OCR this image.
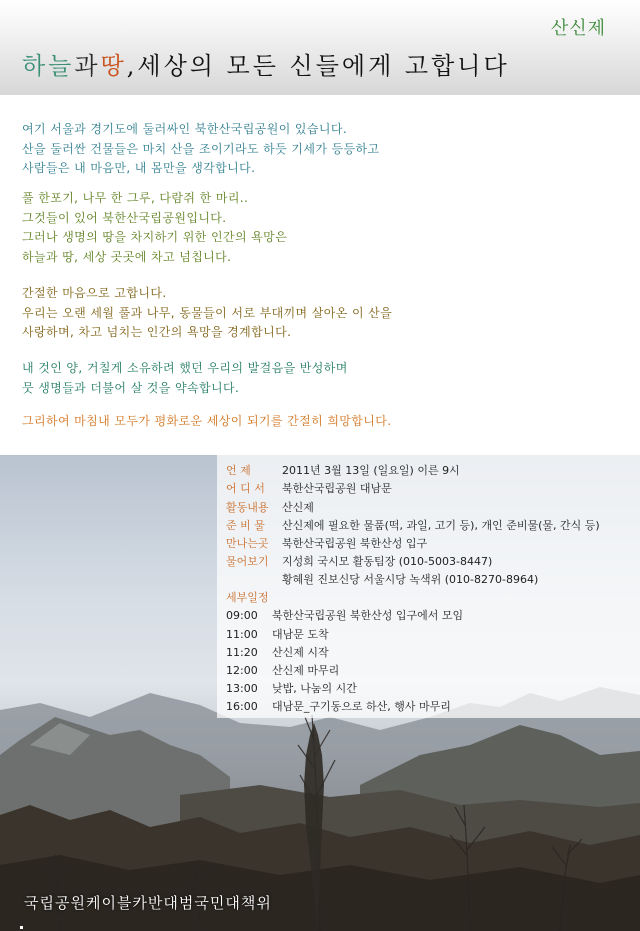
산신제
하늘과땅,세상의 모든 신들에게 고합니다
여기 서울과 경기도에 둘러싸인 북한산국립공원이 있습니다.
산을 둘러싼 건물들은 마치 산을 조이기라도 하듯 기세가 등등하고
사람들은 내 마음만, 내 몸만을 생각합니다.
풀 한포기, 나무 한 그루, 다람쥐 한 마리..
그것들이 있어 북한산국립공원입니다.
그러나 생명의 땅을 차지하기 위한 인간의 욕망은
하늘과 땅, 세상 곳곳에 차고 넘칩니다.
간절한 마음으로 고합니다.
우리는 오랜 세월 풀과 나무, 동물들이 서로 부대끼며 살아온 이 산을
사랑하며, 차고 넘치는 인간의 욕망을 경계합니다.
내 것인 양, 거칠게 소유하려 했던 우리의 발걸음을 반성하며
뭇 생명들과 더불어 살 것을 약속합니다.
그리하여 마침내 모두가 평화로운 세상이 되기를 간절히 희망합니다.
언 제	2011년 3월 13일 (일요일) 이른 9시
어 디 서 북한산국립공원 대남문
활동내용 산신제
준 비 물 산신제에 필요한 물품(떡, 과일, 고기 등), 개인 준비물(물, 간식 등)
만나는곳 북한산국립공원 북한산성 입구
물어보기 지성희 국시모 활동팀장 (010-5003-8447)
황혜원 진보신당 서울시당 녹색위 (010-8270-8964)
세부일정
09:00 북한산국립공원 북한산성 입구에서 모임
11:00 대남문 도착
11:20 산신제 시작
12:00 산신제 마무리
13:00 낮밥, 나눔의 시간
16:00 대남문_구기동으로 하산, 행사 마무리
국립공원케이블카반대범국민대책위
